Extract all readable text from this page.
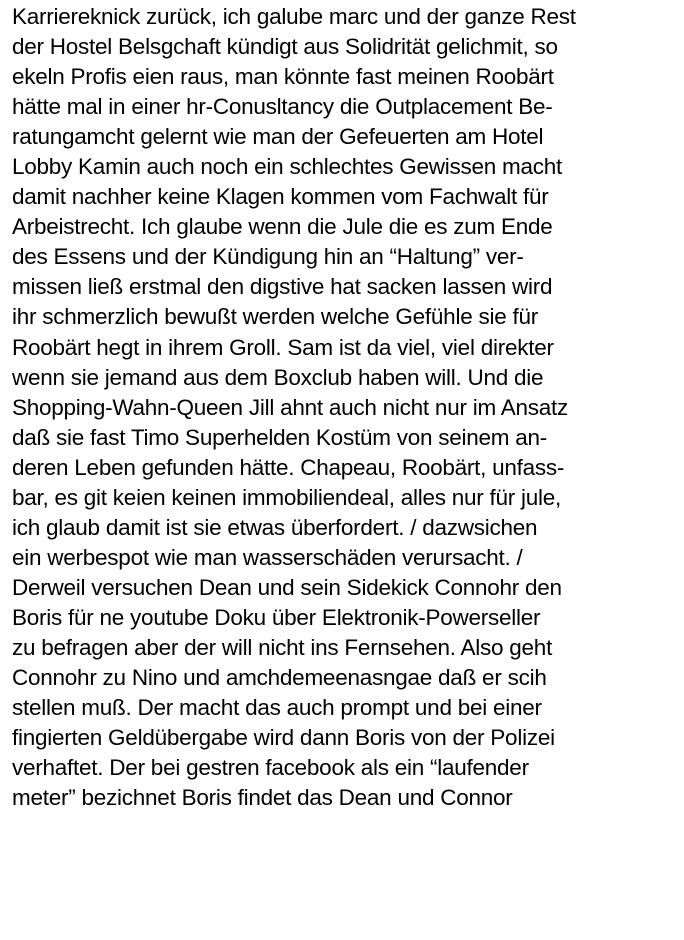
Karriereknick zurück, ich galube marc und der ganze Rest
der Hostel Belsgchaft kündigt aus Solidrität gelichmit, so
ekeln Profis eien raus, man könnte fast meinen Roobärt
hätte mal in einer hr-Conusltancy die Outplacement Be-
ratungamcht gelernt wie man der Gefeuerten am Hotel
Lobby Kamin auch noch ein schlechtes Gewissen macht
damit nachher keine Klagen kommen vom Fachwalt für
Arbeistrecht. Ich glaube wenn die Jule die es zum Ende
des Essens und der Kündigung hin an “Haltung” ver-
missen ließ erstmal den digstive hat sacken lassen wird
ihr schmerzlich bewußt werden welche Gefühle sie für
Roobärt hegt in ihrem Groll. Sam ist da viel, viel direkter
wenn sie jemand aus dem Boxclub haben will. Und die
Shopping-Wahn-Queen Jill ahnt auch nicht nur im Ansatz
daß sie fast Timo Superhelden Kostüm von seinem an-
deren Leben gefunden hätte. Chapeau, Roobärt, unfass-
bar, es git keien keinen immobiliendeal, alles nur für jule,
ich glaub damit ist sie etwas überfordert. / dazwsichen
ein werbespot wie man wasserschäden verursacht. /
Derweil versuchen Dean und sein Sidekick Connohr den
Boris für ne youtube Doku über Elektronik-Powerseller
zu befragen aber der will nicht ins Fernsehen. Also geht
Connohr zu Nino und amchdemeenasngae daß er scih
stellen muß. Der macht das auch prompt und bei einer
fingierten Geldübergabe wird dann Boris von der Polizei
verhaftet. Der bei gestren facebook als ein “laufender
meter” bezichnet Boris findet das Dean und Connor
